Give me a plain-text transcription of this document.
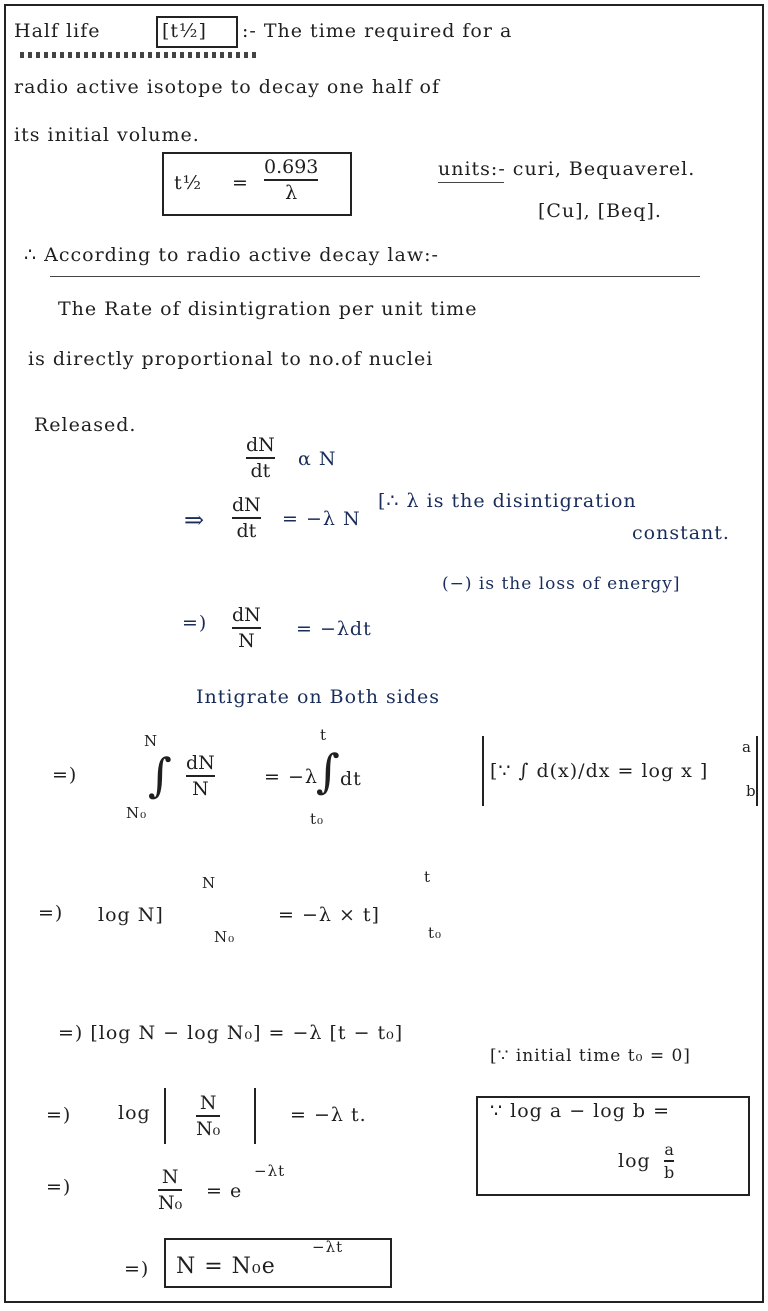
Half life	[t½] :- The time required for a
radio active isotope to decay one half of
its initial volume.
t½ =
0.693
λ
units:- curi, Bequaverel.
[Cu], [Beq].
∴ According to radio active decay law:-
The Rate of disintigration per unit time
is directly proportional to no.of nuclei
Released.
dN
dt
α N
⇒
dN
dt
= −λ N
[∴ λ is the disintigration
constant.
(−) is the loss of energy]
=) dN
N
= −λdt
Intigrate on Both sides
=)
N
∫
N₀
dN
N
= −λ
t
∫
t₀
dt	[∵ ∫ d(x)/dx = log x ]
a
b
=) log N]
N
N₀
= −λ × t]
t
t₀
=) [log N − log N₀] = −λ [t − t₀]
[∵ initial time t₀ = 0]
=) log	N
N₀
= −λ t.	∵ log a − log b =
log
a
b
=)	N
N₀
= e
−λt
=) N = N₀e
−λt
